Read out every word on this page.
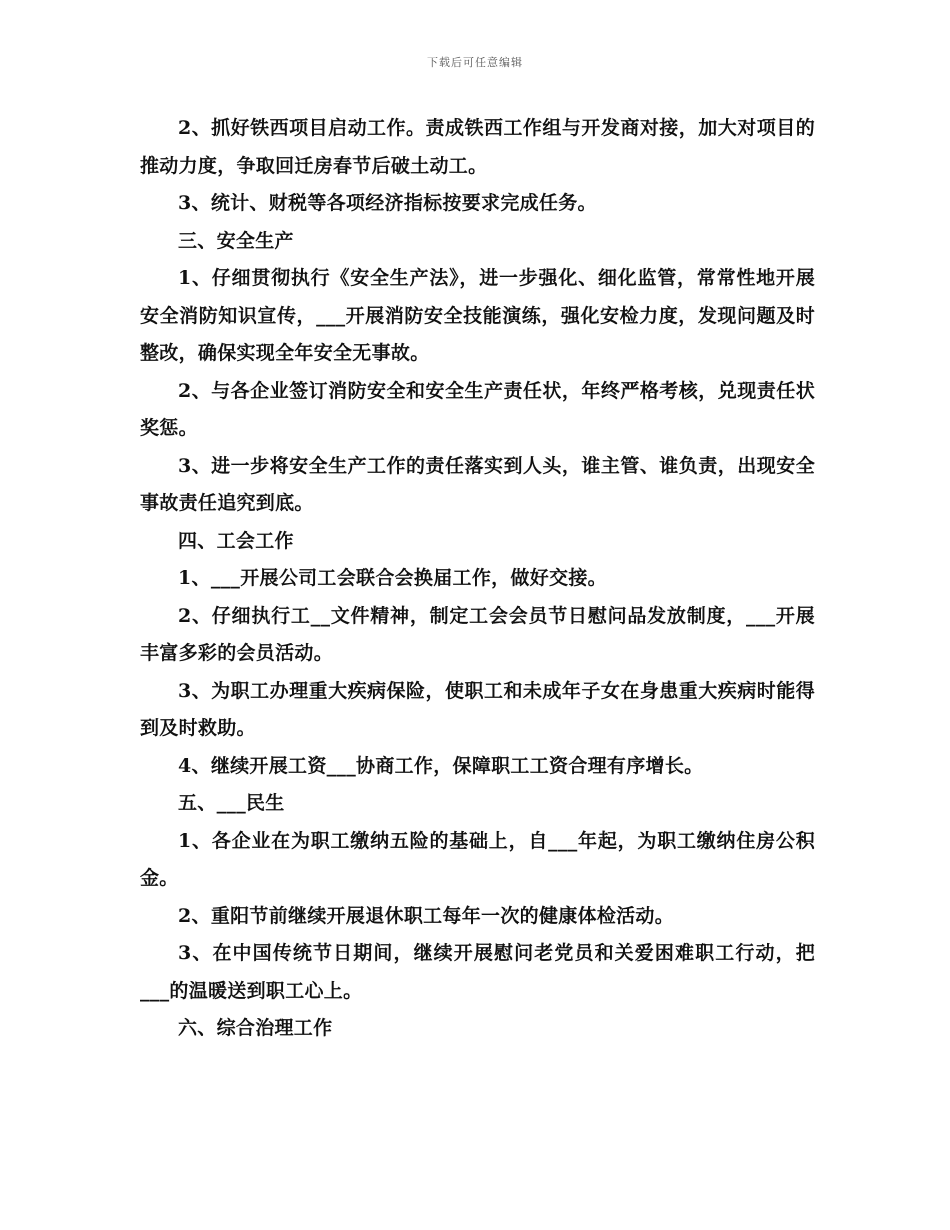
下载后可任意编辑

2、抓好铁西项目启动工作。责成铁西工作组与开发商对接，加大对项目的推动力度，争取回迁房春节后破土动工。

3、统计、财税等各项经济指标按要求完成任务。

三、安全生产

1、仔细贯彻执行《安全生产法》，进一步强化、细化监管，常常性地开展安全消防知识宣传，___开展消防安全技能演练，强化安检力度，发现问题及时整改，确保实现全年安全无事故。

2、与各企业签订消防安全和安全生产责任状，年终严格考核，兑现责任状奖惩。

3、进一步将安全生产工作的责任落实到人头，谁主管、谁负责，出现安全事故责任追究到底。

四、工会工作

1、___开展公司工会联合会换届工作，做好交接。

2、仔细执行工__文件精神，制定工会会员节日慰问品发放制度，___开展丰富多彩的会员活动。

3、为职工办理重大疾病保险，使职工和未成年子女在身患重大疾病时能得到及时救助。

4、继续开展工资___协商工作，保障职工工资合理有序增长。

五、___民生

1、各企业在为职工缴纳五险的基础上，自___年起，为职工缴纳住房公积金。

2、重阳节前继续开展退休职工每年一次的健康体检活动。

3、在中国传统节日期间，继续开展慰问老党员和关爱困难职工行动，把___的温暖送到职工心上。

六、综合治理工作
